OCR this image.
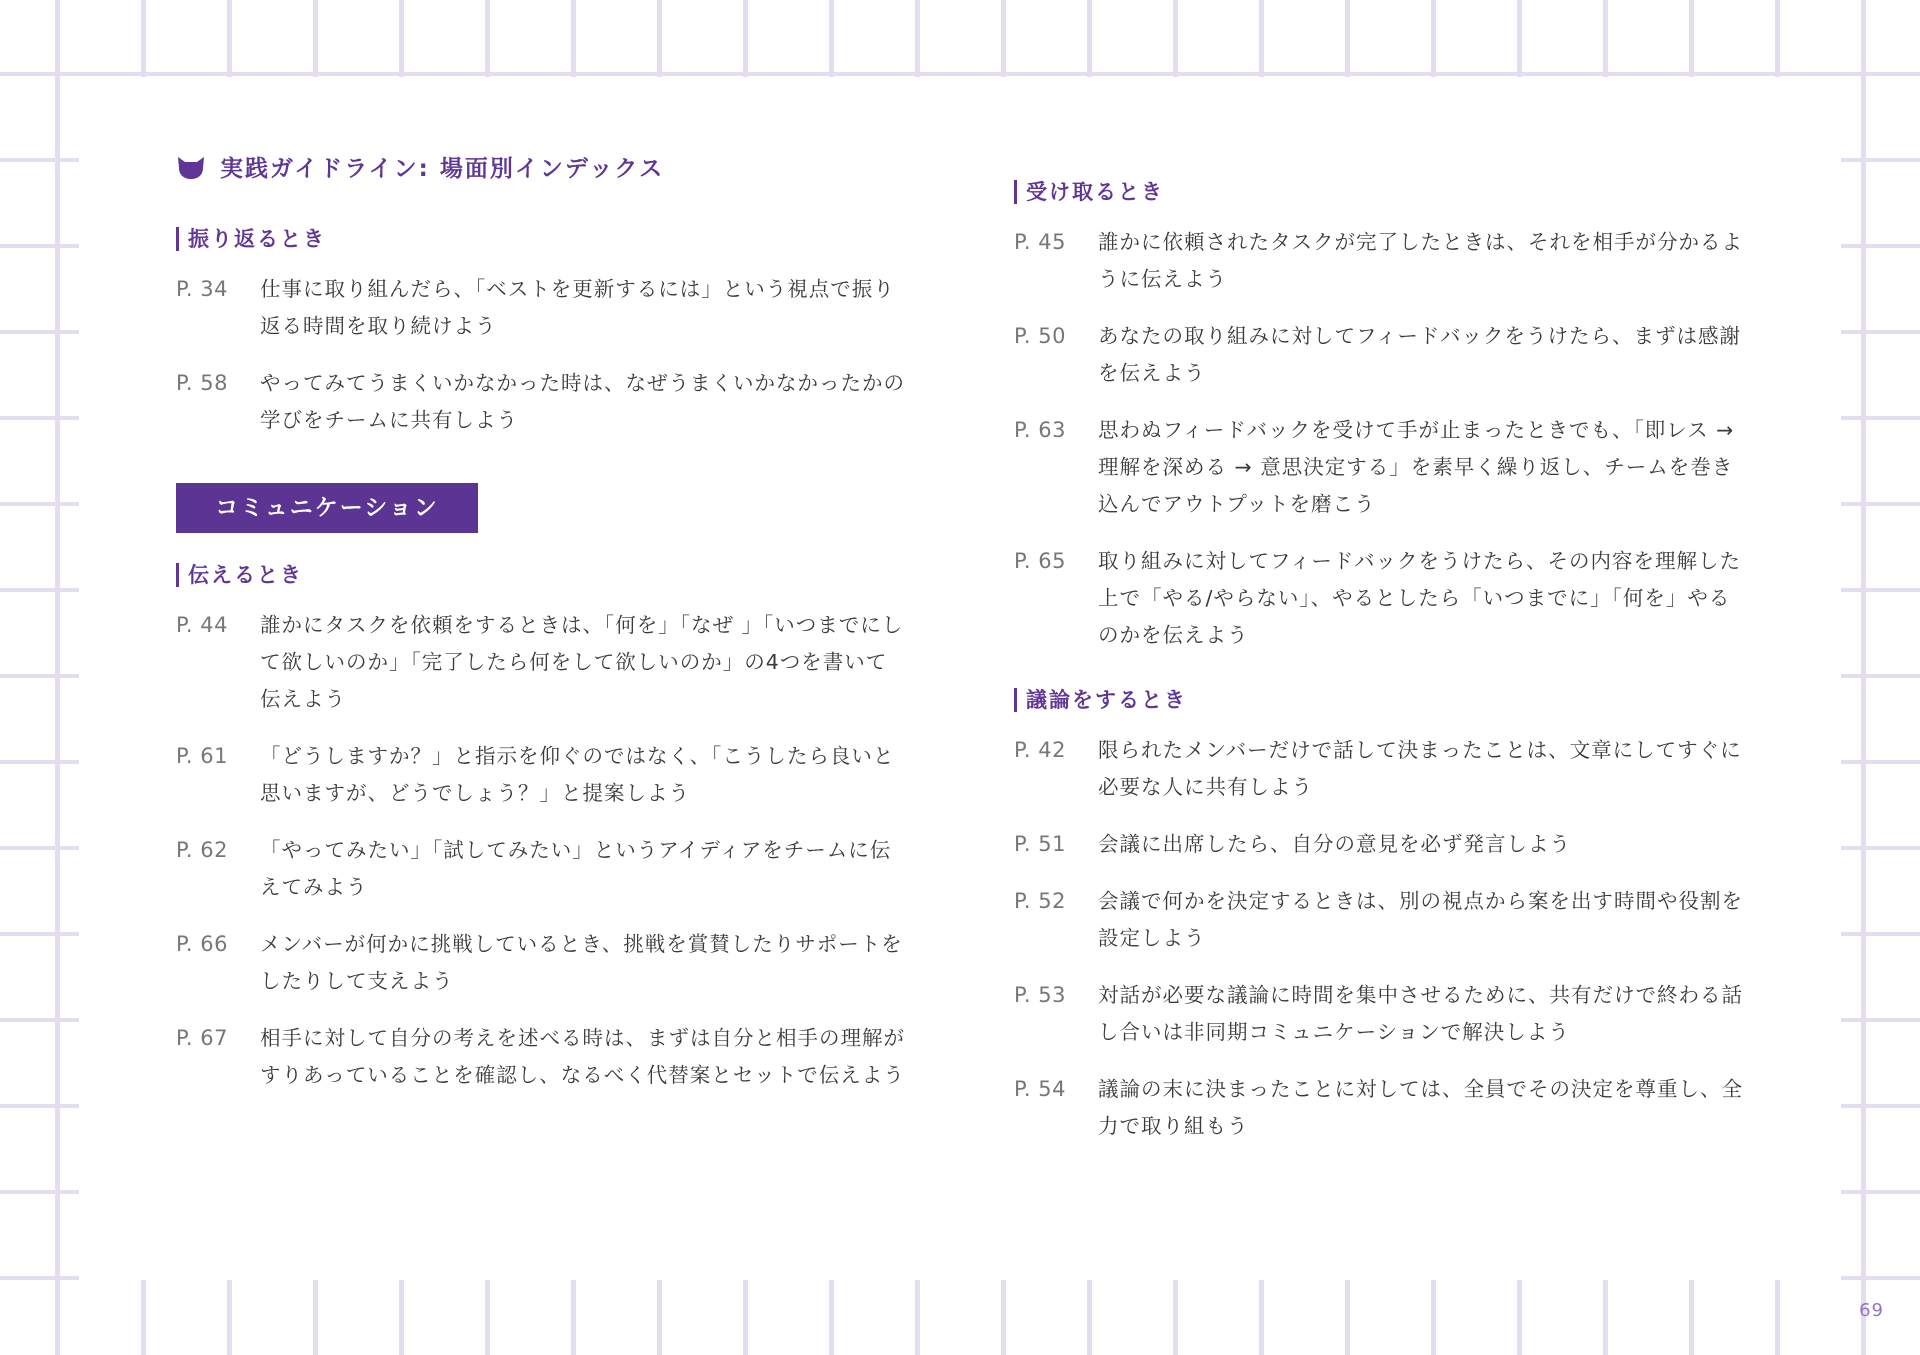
実践ガイドライン: 場面別インデックス
振り返るとき
P. 34	仕事に取り組んだら、「ベストを更新するには」という視点で振り返る時間を取り続けよう
P. 58	やってみてうまくいかなかった時は、なぜうまくいかなかったかの学びをチームに共有しよう
コミュニケーション
伝えるとき
P. 44	誰かにタスクを依頼をするときは、「何を」「なぜ 」「いつまでにして欲しいのか」「完了したら何をして欲しいのか」の4つを書いて伝えよう
P. 61	「どうしますか？」と指示を仰ぐのではなく、「こうしたら良いと思いますが、どうでしょう？」と提案しよう
P. 62	「やってみたい」「試してみたい」というアイディアをチームに伝えてみよう
P. 66	メンバーが何かに挑戦しているとき、挑戦を賞賛したりサポートをしたりして支えよう
P. 67	相手に対して自分の考えを述べる時は、まずは自分と相手の理解がすりあっていることを確認し、なるべく代替案とセットで伝えよう
受け取るとき
P. 45	誰かに依頼されたタスクが完了したときは、それを相手が分かるように伝えよう
P. 50	あなたの取り組みに対してフィードバックをうけたら、まずは感謝を伝えよう
P. 63	思わぬフィードバックを受けて手が止まったときでも、「即レス → 理解を深める → 意思決定する」を素早く繰り返し、チームを巻き込んでアウトプットを磨こう
P. 65	取り組みに対してフィードバックをうけたら、その内容を理解した上で「やる/やらない」、やるとしたら「いつまでに」「何を」やるのかを伝えよう
議論をするとき
P. 42	限られたメンバーだけで話して決まったことは、文章にしてすぐに必要な人に共有しよう
P. 51	会議に出席したら、自分の意見を必ず発言しよう
P. 52	会議で何かを決定するときは、別の視点から案を出す時間や役割を設定しよう
P. 53	対話が必要な議論に時間を集中させるために、共有だけで終わる話し合いは非同期コミュニケーションで解決しよう
P. 54	議論の末に決まったことに対しては、全員でその決定を尊重し、全力で取り組もう
69
